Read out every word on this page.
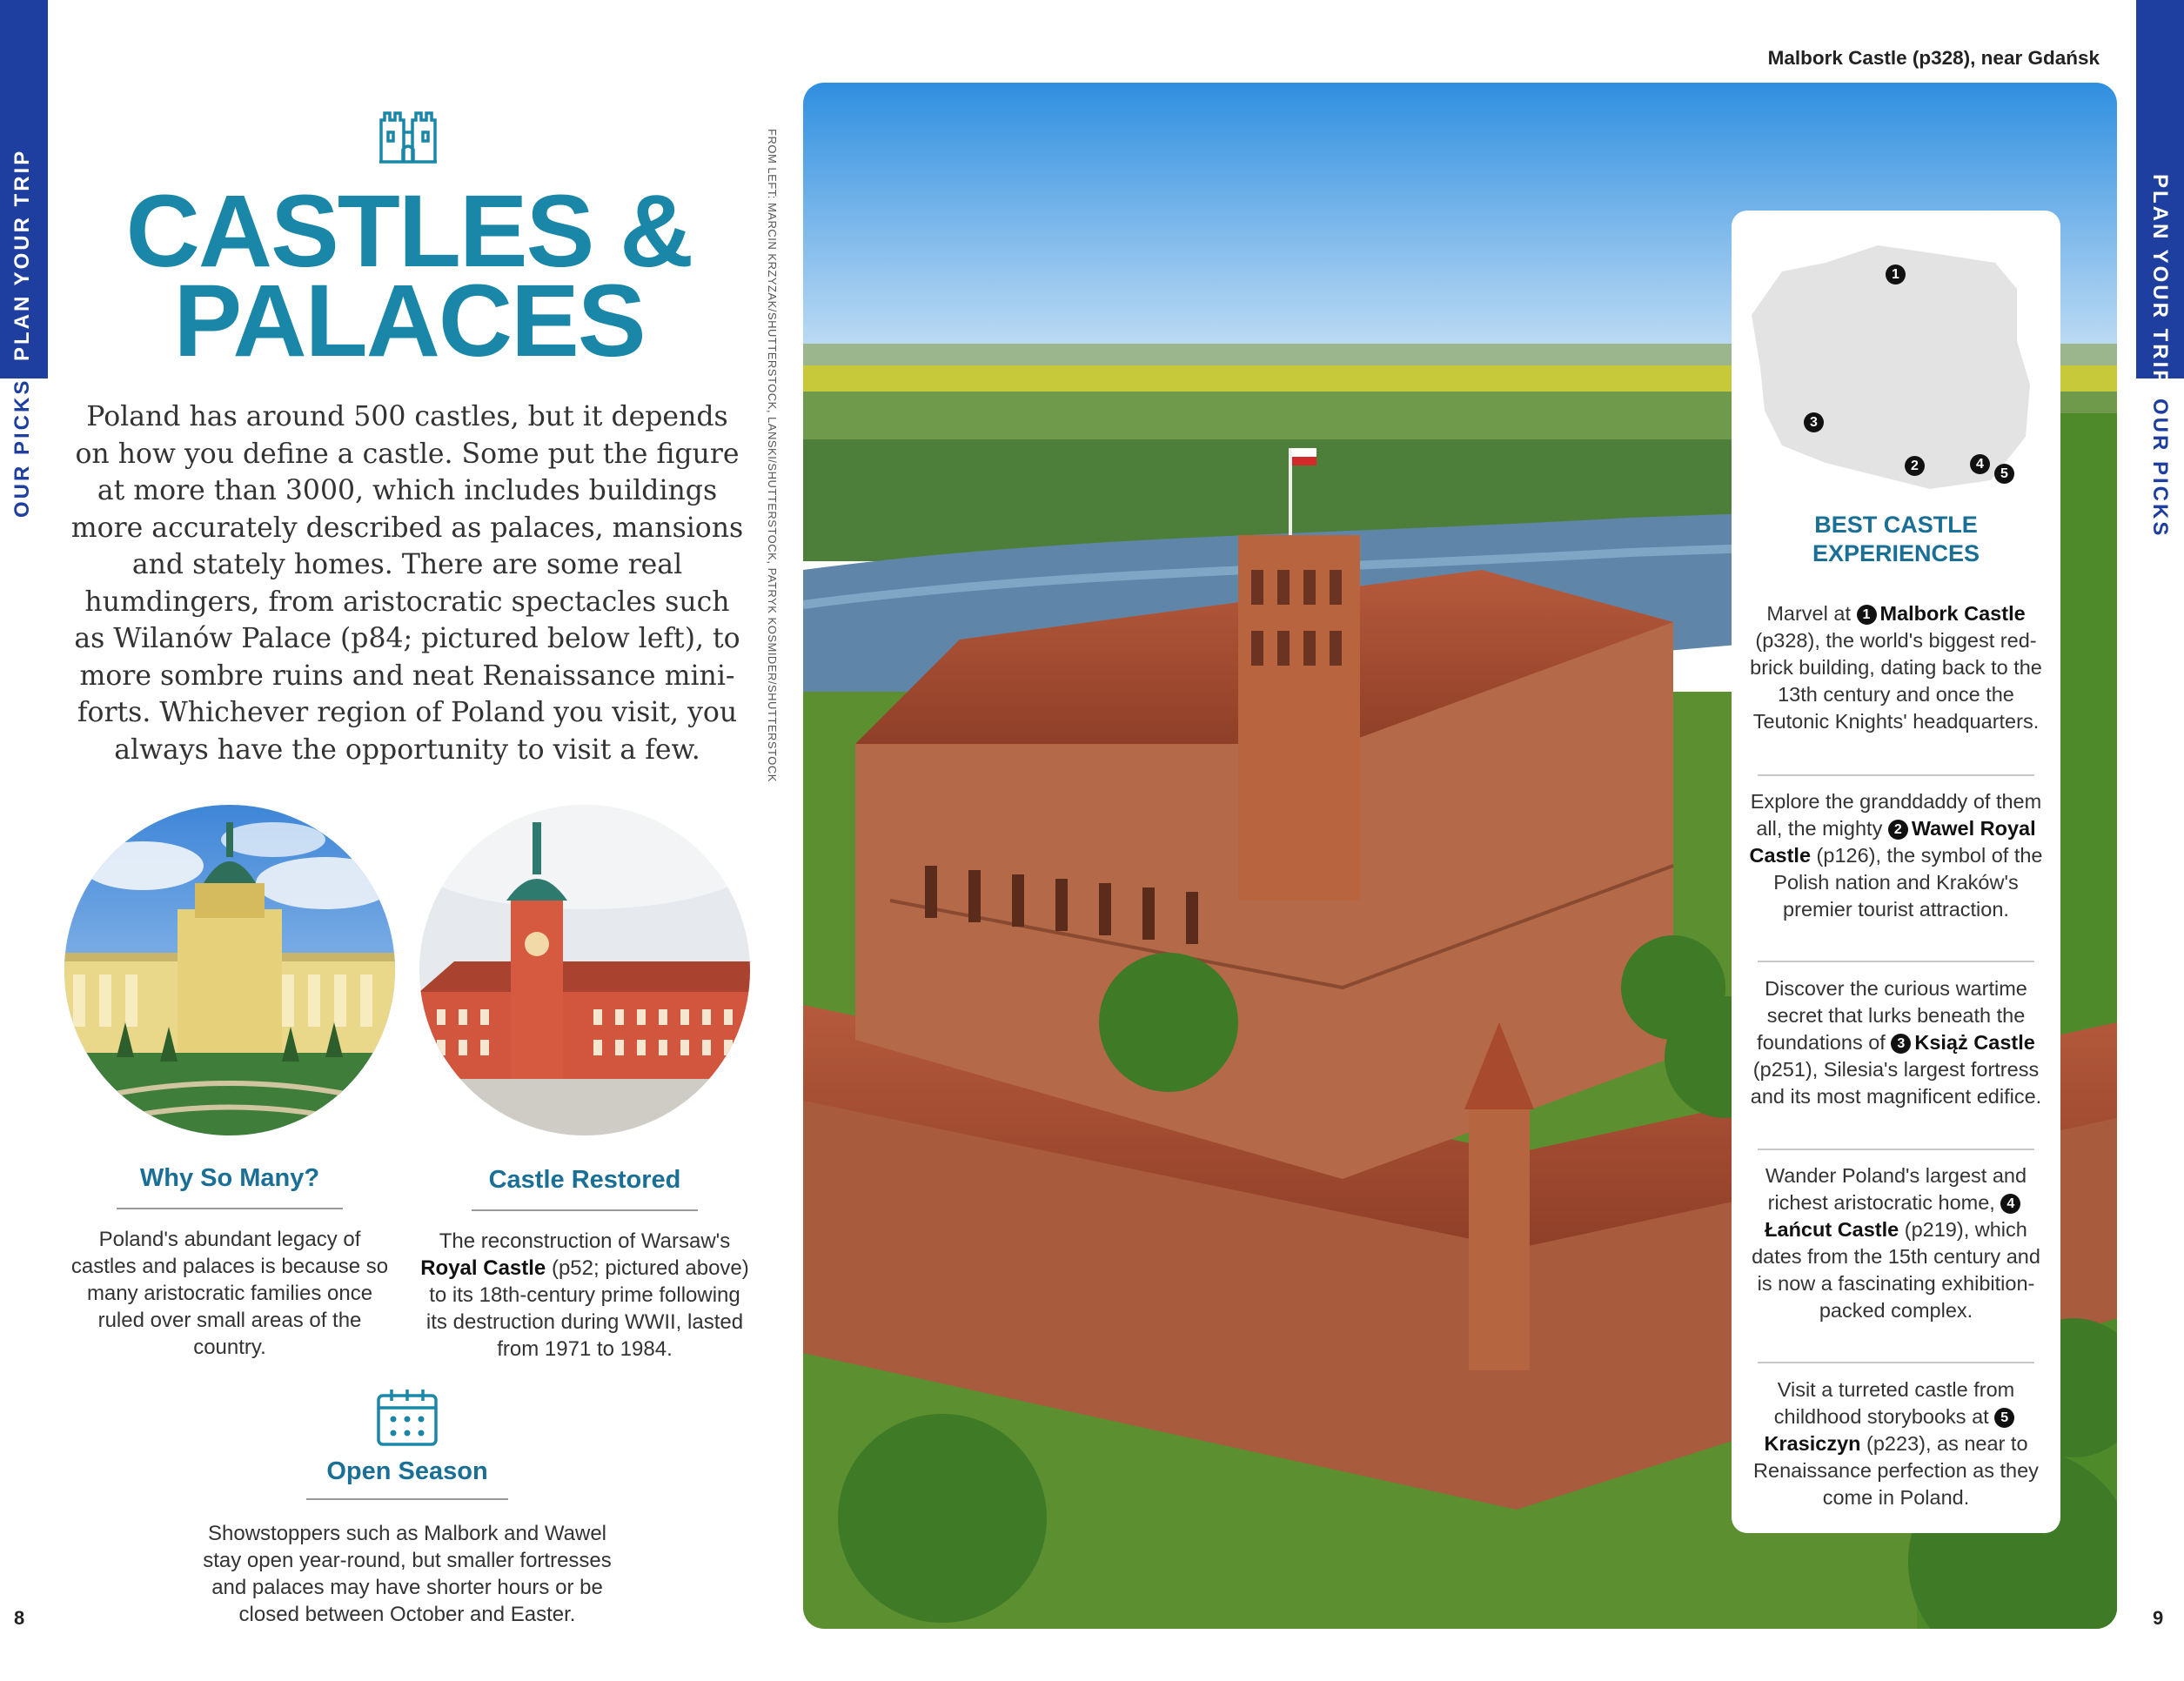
PLAN YOUR TRIP
OUR PICKS
PLAN YOUR TRIP
OUR PICKS
CASTLES &
PALACES
Poland has around 500 castles, but it depends on how you define a castle. Some put the figure at more than 3000, which includes buildings more accurately described as palaces, mansions and stately homes. There are some real humdingers, from aristocratic spectacles such as Wilanów Palace (p84; pictured below left), to more sombre ruins and neat Renaissance mini-forts. Whichever region of Poland you visit, you always have the opportunity to visit a few.
Why So Many?
Poland's abundant legacy of castles and palaces is because so many aristocratic families once ruled over small areas of the country.
Castle Restored
The reconstruction of Warsaw's Royal Castle (p52; pictured above) to its 18th-century prime following its destruction during WWII, lasted from 1971 to 1984.
Open Season
Showstoppers such as Malbork and Wawel stay open year-round, but smaller fortresses and palaces may have shorter hours or be closed between October and Easter.
8
Malbork Castle (p328), near Gdańsk
FROM LEFT: MARCIN KRZYZAK/SHUTTERSTOCK, LANSKI/SHUTTERSTOCK, PATRYK KOSMIDER/SHUTTERSTOCK	1
3
2	4
5
BEST CASTLE
EXPERIENCES
Marvel at 1 Malbork Castle (p328), the world's biggest red-brick building, dating back to the 13th century and once the Teutonic Knights' headquarters.
Explore the granddaddy of them all, the mighty 2 Wawel Royal Castle (p126), the symbol of the Polish nation and Kraków's premier tourist attraction.
Discover the curious wartime secret that lurks beneath the foundations of 3 Książ Castle (p251), Silesia's largest fortress and its most magnificent edifice.
Wander Poland's largest and richest aristocratic home, 4Łańcut Castle (p219), which dates from the 15th century and is now a fascinating exhibition-packed complex.
Visit a turreted castle from childhood storybooks at 5Krasiczyn (p223), as near to Renaissance perfection as they come in Poland.
9
